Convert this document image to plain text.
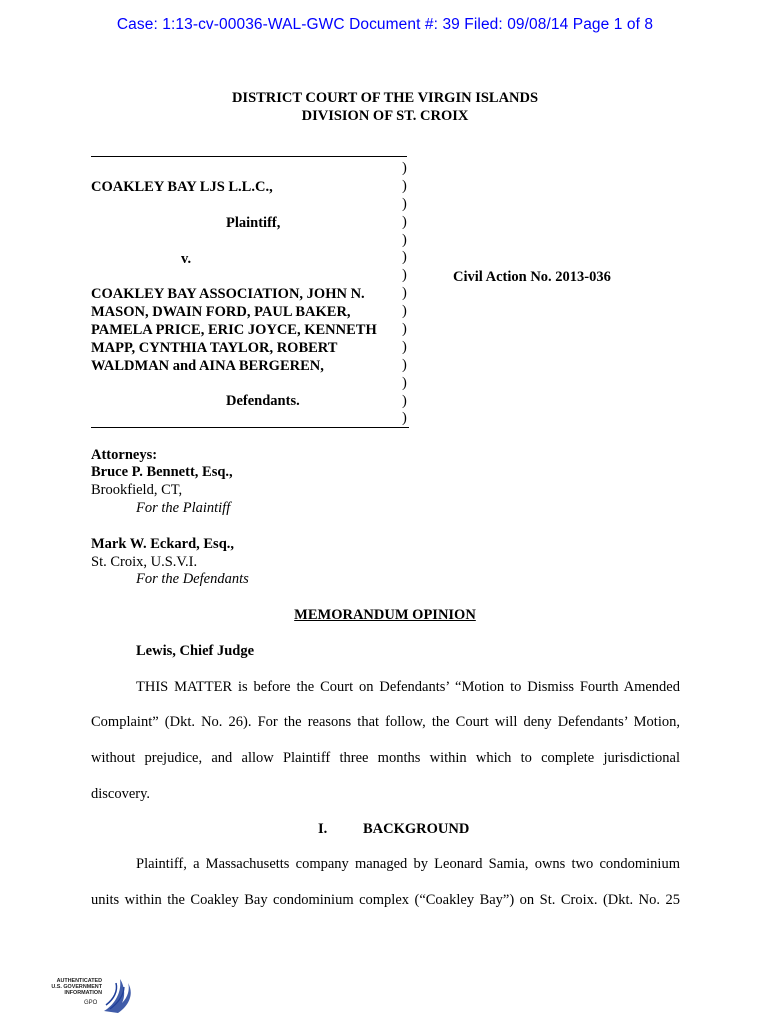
Case: 1:13-cv-00036-WAL-GWC Document #: 39 Filed: 09/08/14 Page 1 of 8
DISTRICT COURT OF THE VIRGIN ISLANDS
DIVISION OF ST. CROIX
)
)
)
)
)
)
)
)
)
)
)
)
)
)
)
COAKLEY BAY LJS L.L.C.,
Plaintiff,
v.
COAKLEY BAY ASSOCIATION, JOHN N.
MASON, DWAIN FORD, PAUL BAKER,
PAMELA PRICE, ERIC JOYCE, KENNETH
MAPP, CYNTHIA TAYLOR, ROBERT
WALDMAN and AINA BERGEREN,
Defendants.
Civil Action No. 2013-036
Attorneys:
Bruce P. Bennett, Esq.,
Brookfield, CT,
For the Plaintiff
Mark W. Eckard, Esq.,
St. Croix, U.S.V.I.
For the Defendants
MEMORANDUM OPINION
Lewis, Chief Judge
THIS MATTER is before the Court on Defendants’ “Motion to Dismiss Fourth Amended
Complaint” (Dkt. No. 26). For the reasons that follow, the Court will deny Defendants’ Motion,
without prejudice, and allow Plaintiff three months within which to complete jurisdictional
discovery.
I. BACKGROUND
Plaintiff, a Massachusetts company managed by Leonard Samia, owns two condominium
units within the Coakley Bay condominium complex (“Coakley Bay”) on St. Croix. (Dkt. No. 25
AUTHENTICATED
U.S. GOVERNMENT
INFORMATION
GPO
